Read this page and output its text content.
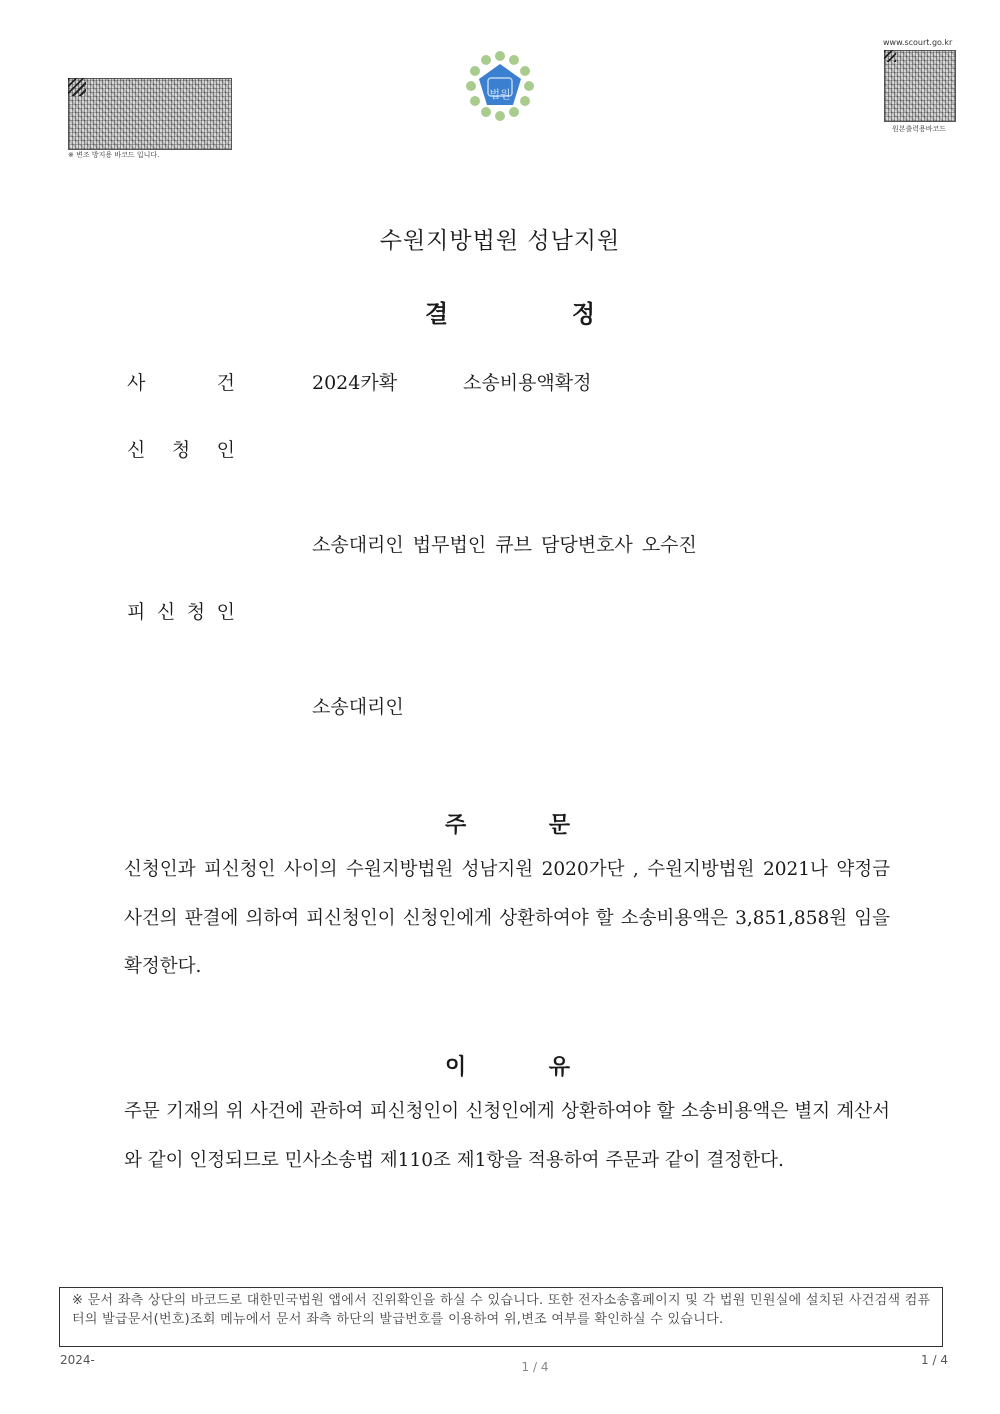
※ 변조 방지용 바코드 입니다.
법원
www.scourt.go.kr
원본출력용바코드
수원지방법원 성남지원
결	정
사	건	2024카확	소송비용액확정
신 청 인
소송대리인 법무법인 큐브 담당변호사 오수진
피 신 청 인
소송대리인
주	문
신청인과 피신청인 사이의 수원지방법원 성남지원 2020가단 , 수원지방법원 2021나 약정금 사건의 판결에 의하여 피신청인이 신청인에게 상환하여야 할 소송비용액은 3,851,858원 임을 확정한다.
이	유
주문 기재의 위 사건에 관하여 피신청인이 신청인에게 상환하여야 할 소송비용액은 별지 계산서와 같이 인정되므로 민사소송법 제110조 제1항을 적용하여 주문과 같이 결정한다.
※ 문서 좌측 상단의 바코드로 대한민국법원 앱에서 진위확인을 하실 수 있습니다. 또한 전자소송홈페이지 및 각 법원 민원실에 설치된 사건검색 컴퓨터의 발급문서(번호)조회 메뉴에서 문서 좌측 하단의 발급번호를 이용하여 위,변조 여부를 확인하실 수 있습니다.
2024-	1 / 4	1 / 4
